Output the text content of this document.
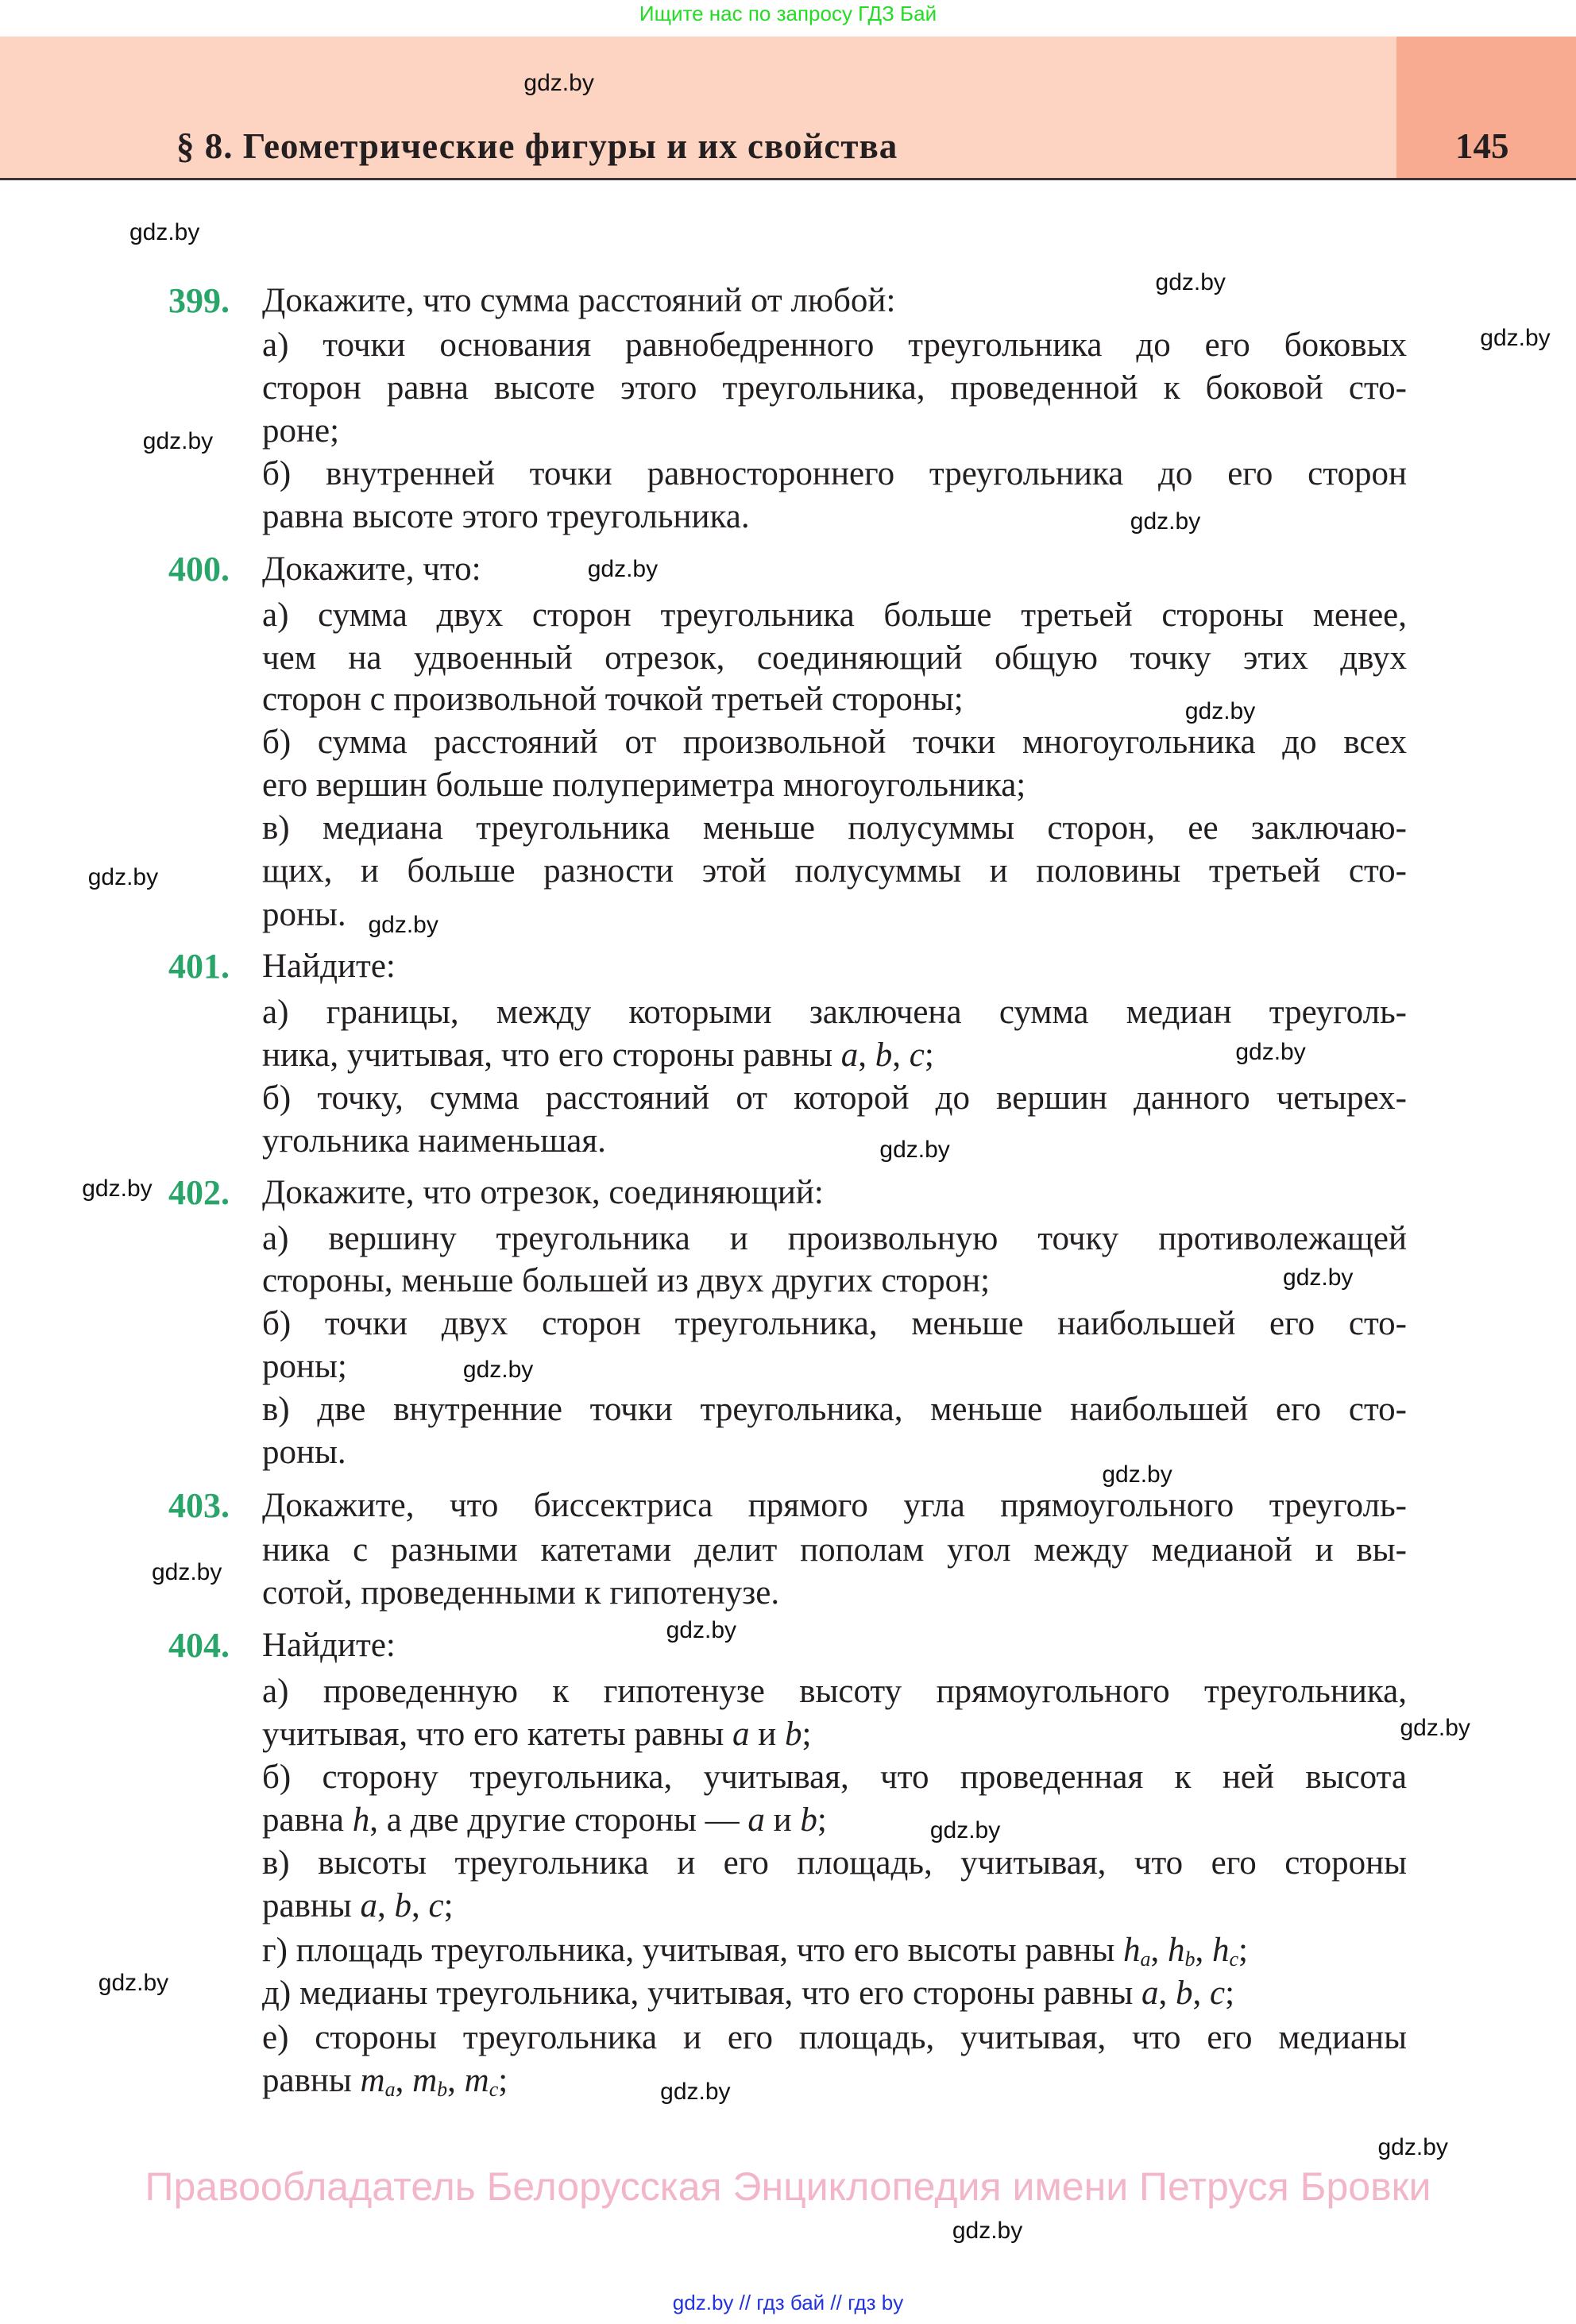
Ищите нас по запросу ГДЗ Бай
§ 8. Геометрические фигуры и их свойства	145
399. Докажите, что сумма расстояний от любой:
а) точки основания равнобедренного треугольника до его боковых
сторон равна высоте этого треугольника, проведенной к боковой сто-
роне;
б) внутренней точки равностороннего треугольника до его сторон
равна высоте этого треугольника.
400. Докажите, что:
а) сумма двух сторон треугольника больше третьей стороны менее,
чем на удвоенный отрезок, соединяющий общую точку этих двух
сторон с произвольной точкой третьей стороны;
б) сумма расстояний от произвольной точки многоугольника до всех
его вершин больше полупериметра многоугольника;
в) медиана треугольника меньше полусуммы сторон, ее заключаю-
щих, и больше разности этой полусуммы и половины третьей сто-
роны.
401. Найдите:
а) границы, между которыми заключена сумма медиан треуголь-
ника, учитывая, что его стороны равны a, b, c;
б) точку, сумма расстояний от которой до вершин данного четырех-
угольника наименьшая.
402. Докажите, что отрезок, соединяющий:
а) вершину треугольника и произвольную точку противолежащей
стороны, меньше большей из двух других сторон;
б) точки двух сторон треугольника, меньше наибольшей его сто-
роны;
в) две внутренние точки треугольника, меньше наибольшей его сто-
роны.
403. Докажите, что биссектриса прямого угла прямоугольного треуголь-
ника с разными катетами делит пополам угол между медианой и вы-
сотой, проведенными к гипотенузе.
404. Найдите:
а) проведенную к гипотенузе высоту прямоугольного треугольника,
учитывая, что его катеты равны a и b;
б) сторону треугольника, учитывая, что проведенная к ней высота
равна h, а две другие стороны — a и b;
в) высоты треугольника и его площадь, учитывая, что его стороны
равны a, b, c;
г) площадь треугольника, учитывая, что его высоты равны $h_a$, $h_b$, $h_c$;
д) медианы треугольника, учитывая, что его стороны равны a, b, c;
е) стороны треугольника и его площадь, учитывая, что его медианы
равны $m_a$, $m_b$, $m_c$;
gdz.by
gdz.by
gdz.by
gdz.by
gdz.by
gdz.by
gdz.by
gdz.by
gdz.by
gdz.by
gdz.by
gdz.by
gdz.by
gdz.by
gdz.by
gdz.by
gdz.by
gdz.by
gdz.by
gdz.by
gdz.by
gdz.by
gdz.by
gdz.by
Правообладатель Белорусская Энциклопедия имени Петруся Бровки
gdz.by // гдз бай // гдз by
